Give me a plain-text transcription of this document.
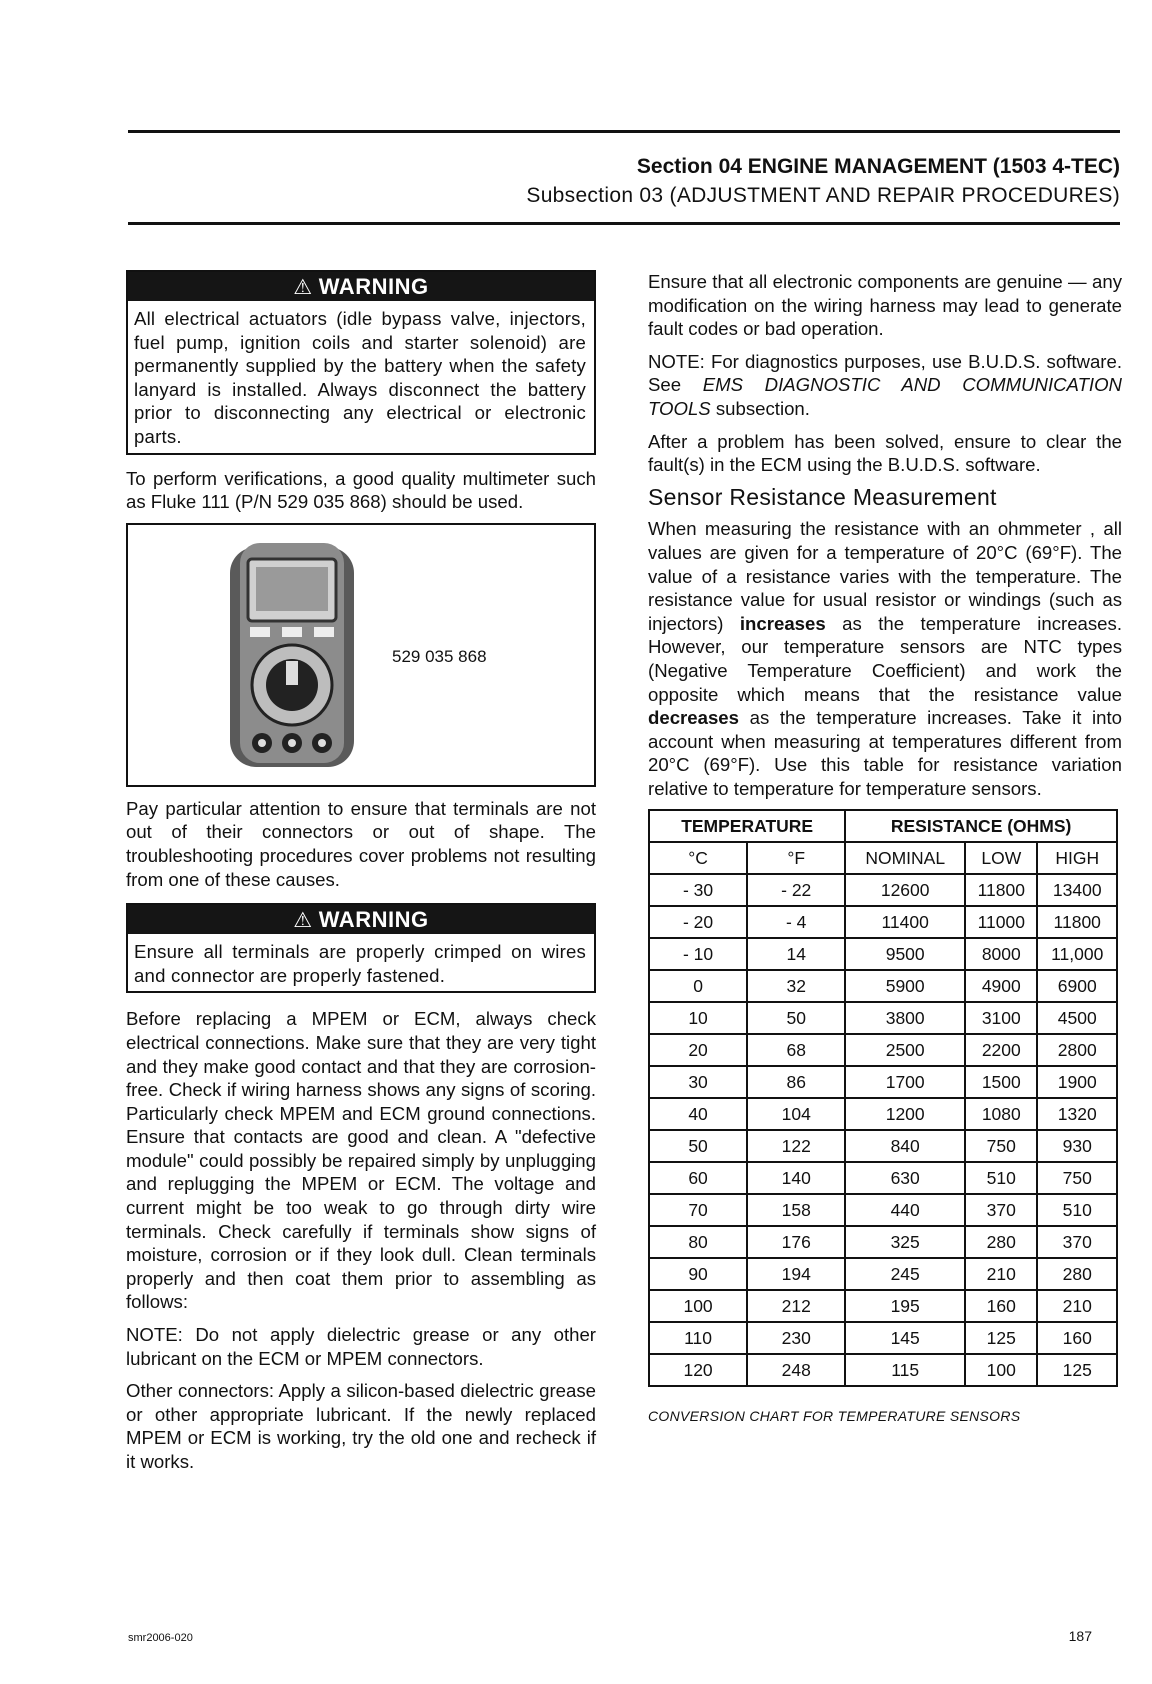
Section 04 ENGINE MANAGEMENT (1503 4-TEC)
Subsection 03 (ADJUSTMENT AND REPAIR PROCEDURES)
⚠ WARNING
All electrical actuators (idle bypass valve, injectors, fuel pump, ignition coils and starter solenoid) are permanently supplied by the battery when the safety lanyard is installed. Always disconnect the battery prior to disconnecting any electrical or electronic parts.

To perform verifications, a good quality multimeter such as Fluke 111 (P/N 529 035 868) should be used.

529 035 868

Pay particular attention to ensure that terminals are not out of their connectors or out of shape. The troubleshooting procedures cover problems not resulting from one of these causes.

⚠ WARNING
Ensure all terminals are properly crimped on wires and connector are properly fastened.

Before replacing a MPEM or ECM, always check electrical connections. Make sure that they are very tight and they make good contact and that they are corrosion-free. Check if wiring harness shows any signs of scoring. Particularly check MPEM and ECM ground connections. Ensure that contacts are good and clean. A "defective module" could possibly be repaired simply by unplugging and replugging the MPEM or ECM. The voltage and current might be too weak to go through dirty wire terminals. Check carefully if terminals show signs of moisture, corrosion or if they look dull. Clean terminals properly and then coat them prior to assembling as follows:

NOTE: Do not apply dielectric grease or any other lubricant on the ECM or MPEM connectors.

Other connectors: Apply a silicon-based dielectric grease or other appropriate lubricant. If the newly replaced MPEM or ECM is working, try the old one and recheck if it works.

Ensure that all electronic components are genuine — any modification on the wiring harness may lead to generate fault codes or bad operation.

NOTE: For diagnostics purposes, use B.U.D.S. software. See EMS DIAGNOSTIC AND COMMUNICATION TOOLS subsection.

After a problem has been solved, ensure to clear the fault(s) in the ECM using the B.U.D.S. software.

Sensor Resistance Measurement

When measuring the resistance with an ohmmeter , all values are given for a temperature of 20°C (69°F). The value of a resistance varies with the temperature. The resistance value for usual resistor or windings (such as injectors) increases as the temperature increases. However, our temperature sensors are NTC types (Negative Temperature Coefficient) and work the opposite which means that the resistance value decreases as the temperature increases. Take it into account when measuring at temperatures different from 20°C (69°F). Use this table for resistance variation relative to temperature for temperature sensors.

TEMPERATURE		RESISTANCE (OHMS)		
°C	°F	NOMINAL	LOW	HIGH
- 30	- 22	12600	11800	13400
- 20	- 4	11400	11000	11800
- 10	14	9500	8000	11,000
0	32	5900	4900	6900
10	50	3800	3100	4500
20	68	2500	2200	2800
30	86	1700	1500	1900
40	104	1200	1080	1320
50	122	840	750	930
60	140	630	510	750
70	158	440	370	510
80	176	325	280	370
90	194	245	210	280
100	212	195	160	210
110	230	145	125	160
120	248	115	100	125
CONVERSION CHART FOR TEMPERATURE SENSORS
smr2006-020	187
